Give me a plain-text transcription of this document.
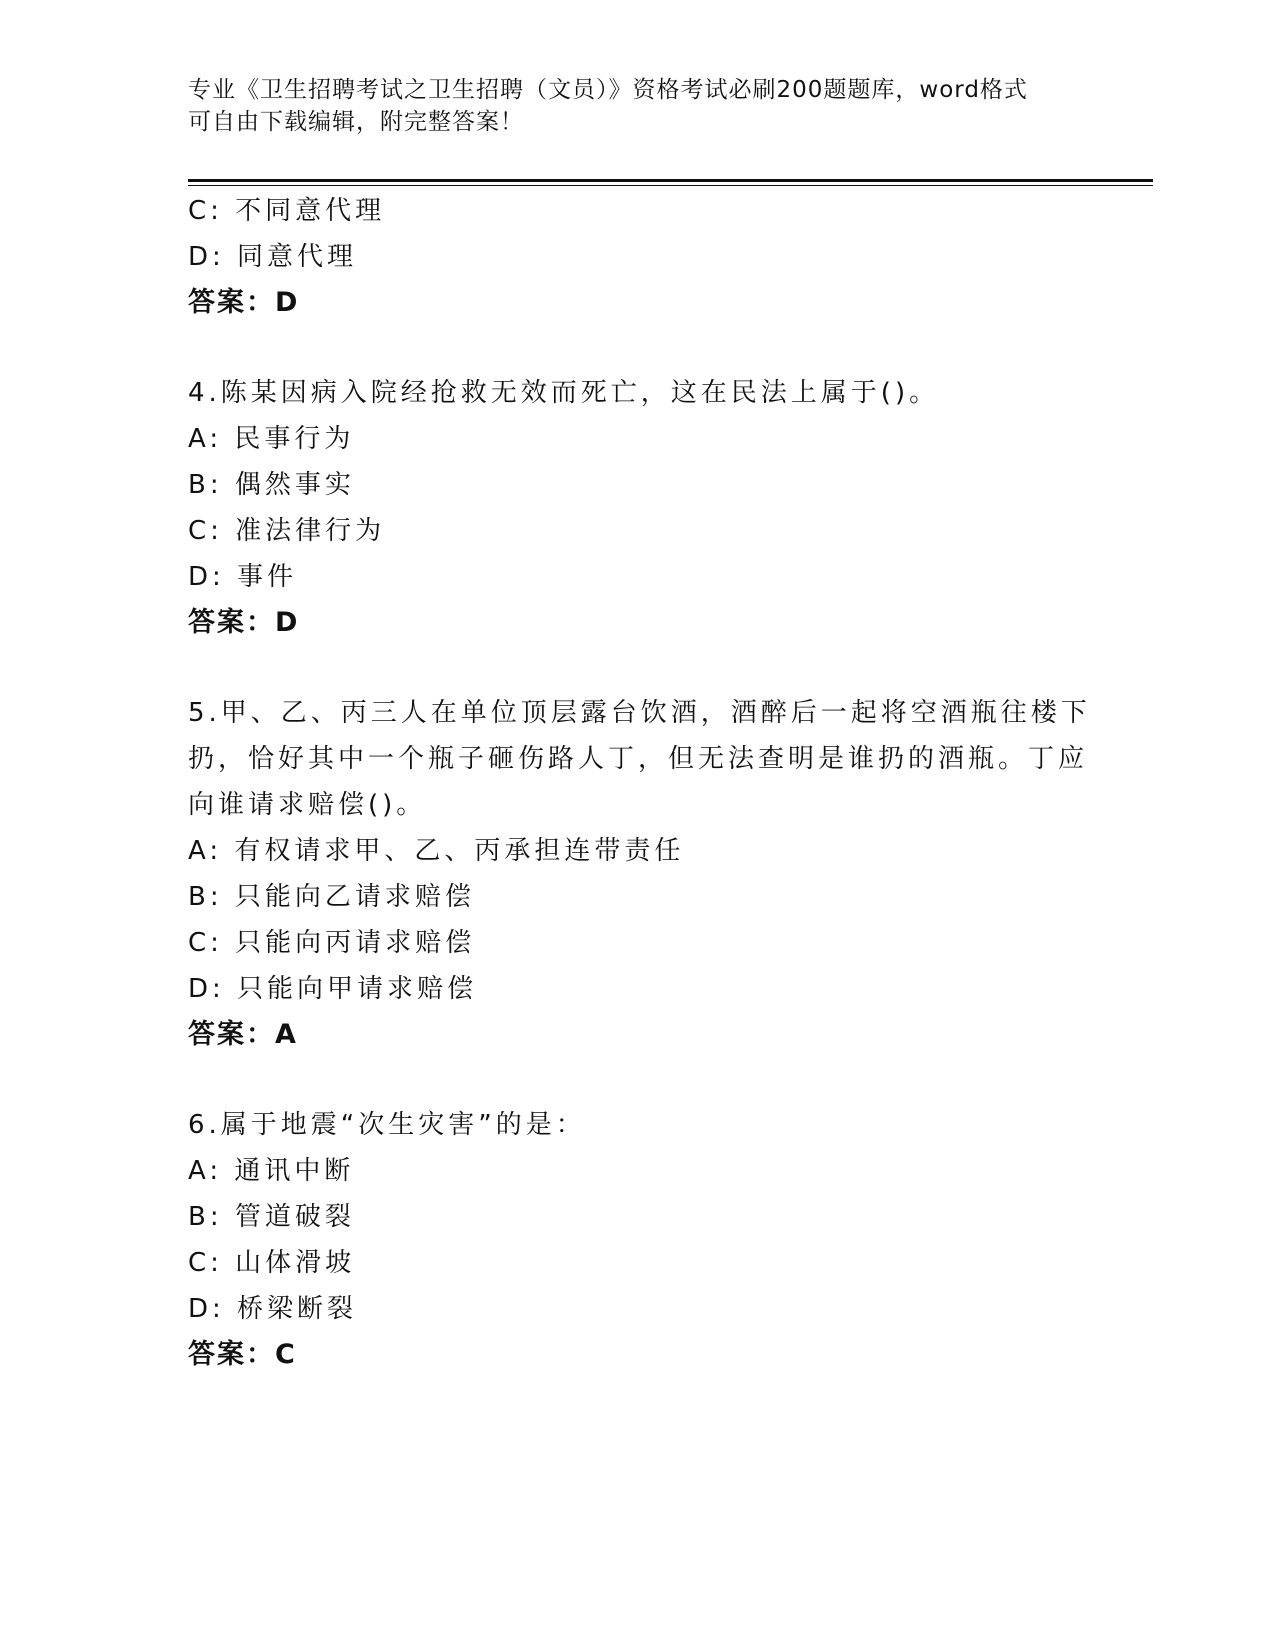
专业《卫生招聘考试之卫生招聘（文员）》资格考试必刷200题题库，word格式
可自由下载编辑，附完整答案！
C: 不同意代理
D: 同意代理
答案：D
4.陈某因病入院经抢救无效而死亡，这在民法上属于()。
A: 民事行为
B: 偶然事实
C: 准法律行为
D: 事件
答案：D
5.甲、乙、丙三人在单位顶层露台饮酒，酒醉后一起将空酒瓶往楼下
扔，恰好其中一个瓶子砸伤路人丁，但无法查明是谁扔的酒瓶。丁应
向谁请求赔偿()。
A: 有权请求甲、乙、丙承担连带责任
B: 只能向乙请求赔偿
C: 只能向丙请求赔偿
D: 只能向甲请求赔偿
答案：A
6.属于地震“次生灾害”的是：
A: 通讯中断
B: 管道破裂
C: 山体滑坡
D: 桥梁断裂
答案：C
